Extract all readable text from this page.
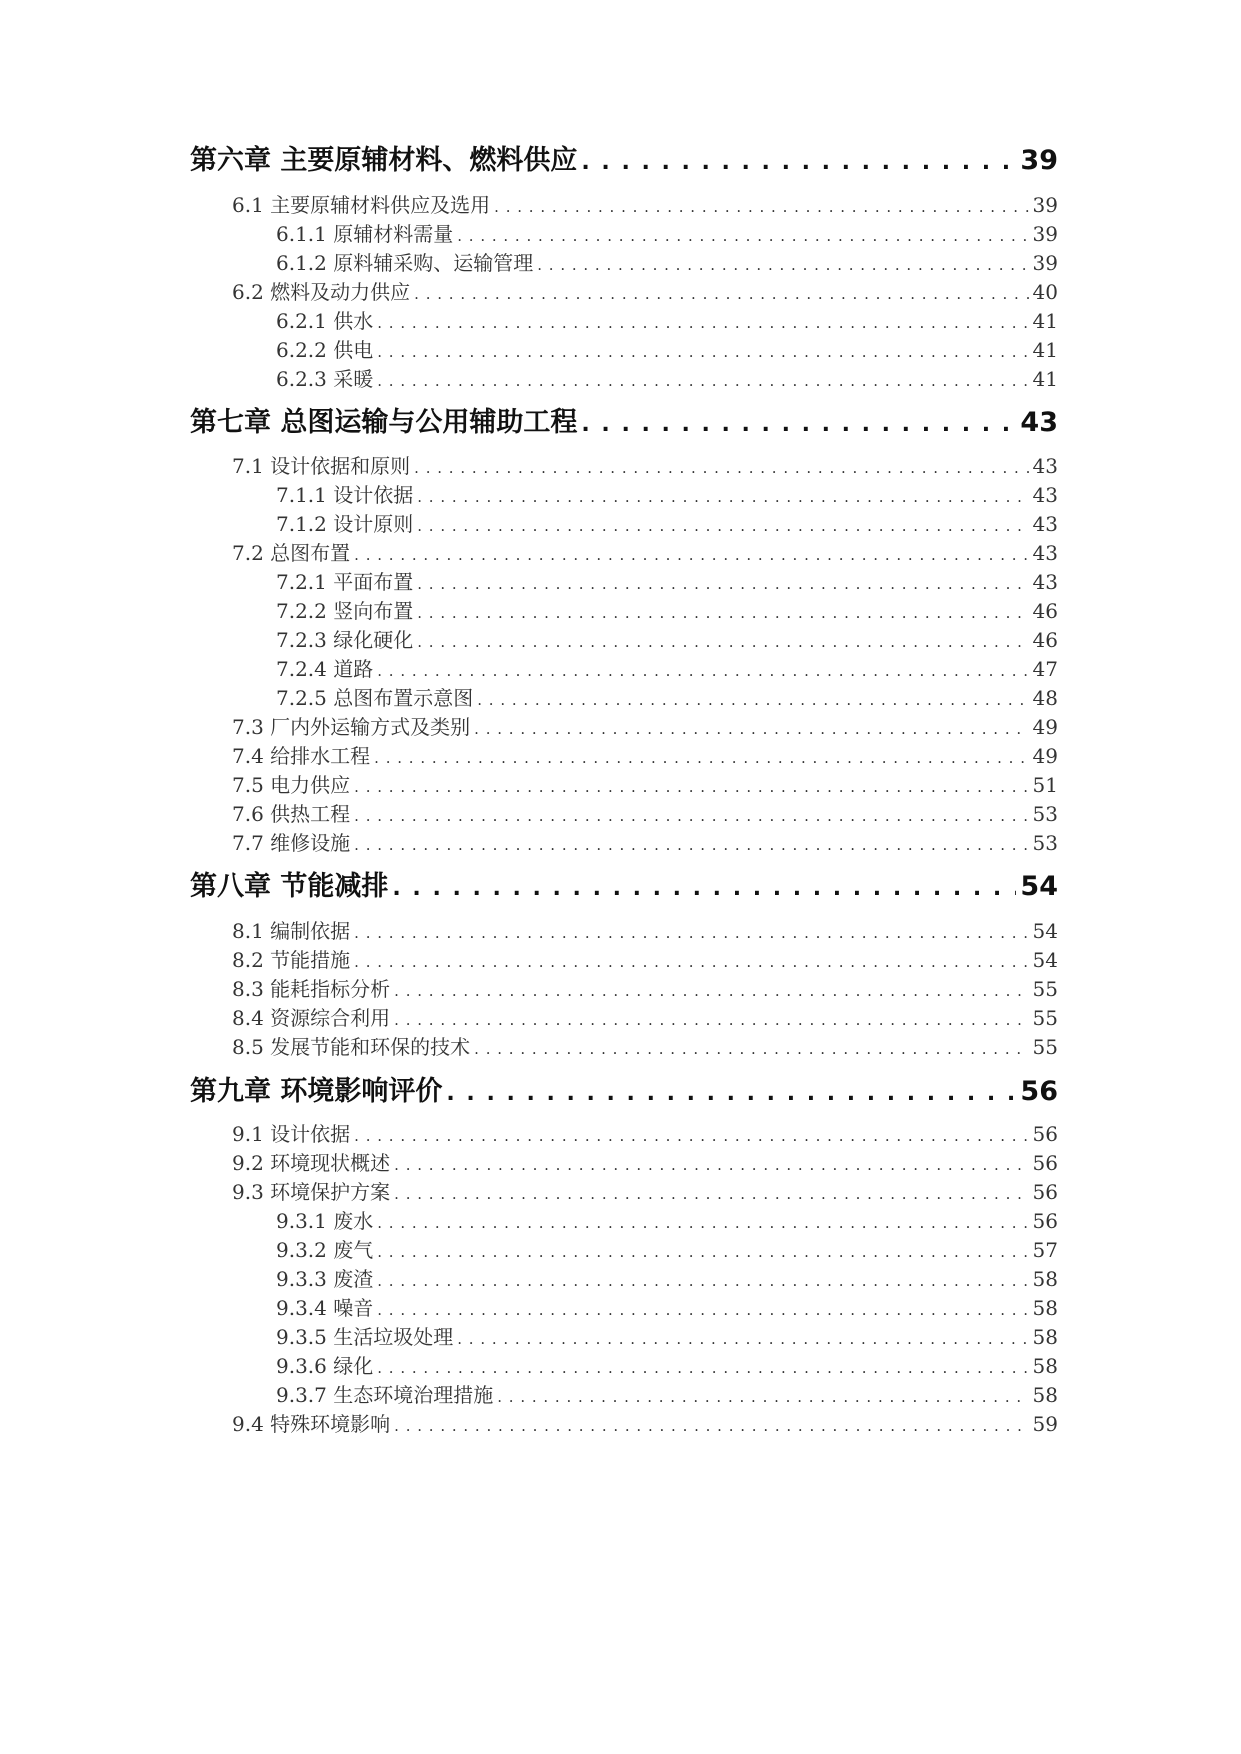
第六章 主要原辅材料、燃料供应 . . .	39
6.1 主要原辅材料供应及选用 . . .	39
6.1.1 原辅材料需量 . . .	39
6.1.2 原料辅采购、运输管理 . . .	39
6.2 燃料及动力供应 . . .	40
6.2.1 供水 . . .	41
6.2.2 供电 . . .	41
6.2.3 采暖 . . .	41
第七章 总图运输与公用辅助工程 . . .	43
7.1 设计依据和原则 . . .	43
7.1.1 设计依据 . . .	43
7.1.2 设计原则 . . .	43
7.2 总图布置 . . .	43
7.2.1 平面布置 . . .	43
7.2.2 竖向布置 . . .	46
7.2.3 绿化硬化 . . .	46
7.2.4 道路 . . .	47
7.2.5 总图布置示意图 . . .	48
7.3 厂内外运输方式及类别 . . .	49
7.4 给排水工程 . . .	49
7.5 电力供应 . . .	51
7.6 供热工程 . . .	53
7.7 维修设施 . . .	53
第八章 节能减排 . . .	54
8.1 编制依据 . . .	54
8.2 节能措施 . . .	54
8.3 能耗指标分析 . . .	55
8.4 资源综合利用 . . .	55
8.5 发展节能和环保的技术 . . .	55
第九章 环境影响评价 . . .	56
9.1 设计依据 . . .	56
9.2 环境现状概述 . . .	56
9.3 环境保护方案 . . .	56
9.3.1 废水 . . .	56
9.3.2 废气 . . .	57
9.3.3 废渣 . . .	58
9.3.4 噪音 . . .	58
9.3.5 生活垃圾处理 . . .	58
9.3.6 绿化 . . .	58
9.3.7 生态环境治理措施 . . .	58
9.4 特殊环境影响 . . .	59
